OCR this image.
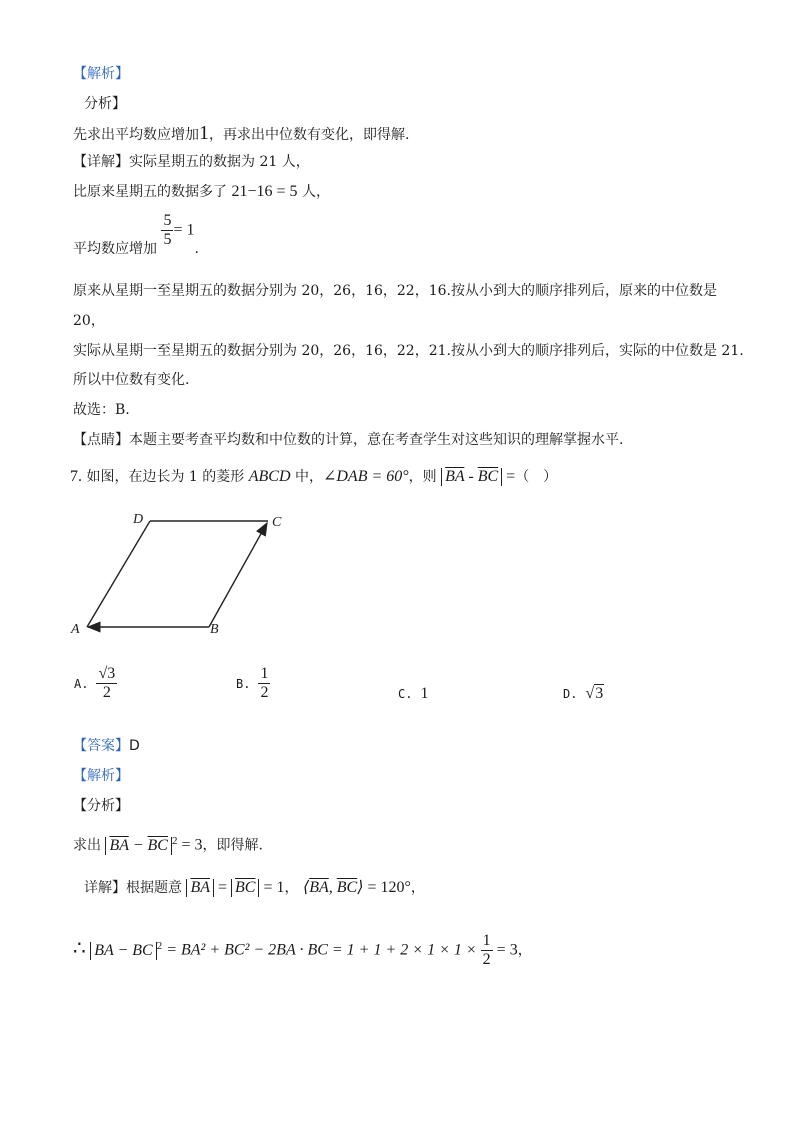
【解析】
分析】
先求出平均数应增加1，再求出中位数有变化，即得解.
【详解】实际星期五的数据为 21 人，
比原来星期五的数据多了 21−16 = 5 人，
平均数应增加 $\frac{5}{5} = 1$.
原来从星期一至星期五的数据分别为 20，26，16，22，16.按从小到大的顺序排列后，原来的中位数是
20，
实际从星期一至星期五的数据分别为 20，26，16，22，21.按从小到大的顺序排列后，实际的中位数是 21.
所以中位数有变化.
故选：B.
【点睛】本题主要考查平均数和中位数的计算，意在考查学生对这些知识的理解掌握水平.
7. 如图，在边长为 1 的菱形 ABCD 中，∠DAB = 60°，则 $\overline{BA} - \overline{BC}$ =（　）
D	C
A	B
A. $\frac{√3}{2}$	B. $\frac{1}{2}$	C. 1	D. √3
【答案】D
【解析】
【分析】
求出 $\overline{BA} - \overline{BC}$ $^2$ = 3，即得解.
详解】根据题意 $\overline{BA} = \overline{BC} = 1$， $⟨\overline{BA}$, $\overline{BC}⟩ = 120^\circ$，
∴ BA − BC $^2$ = BA² + BC² − 2BA · BC = $1 + 1 + 2 \times 1 \times 1 \times \frac{1}{2} = 3$，
